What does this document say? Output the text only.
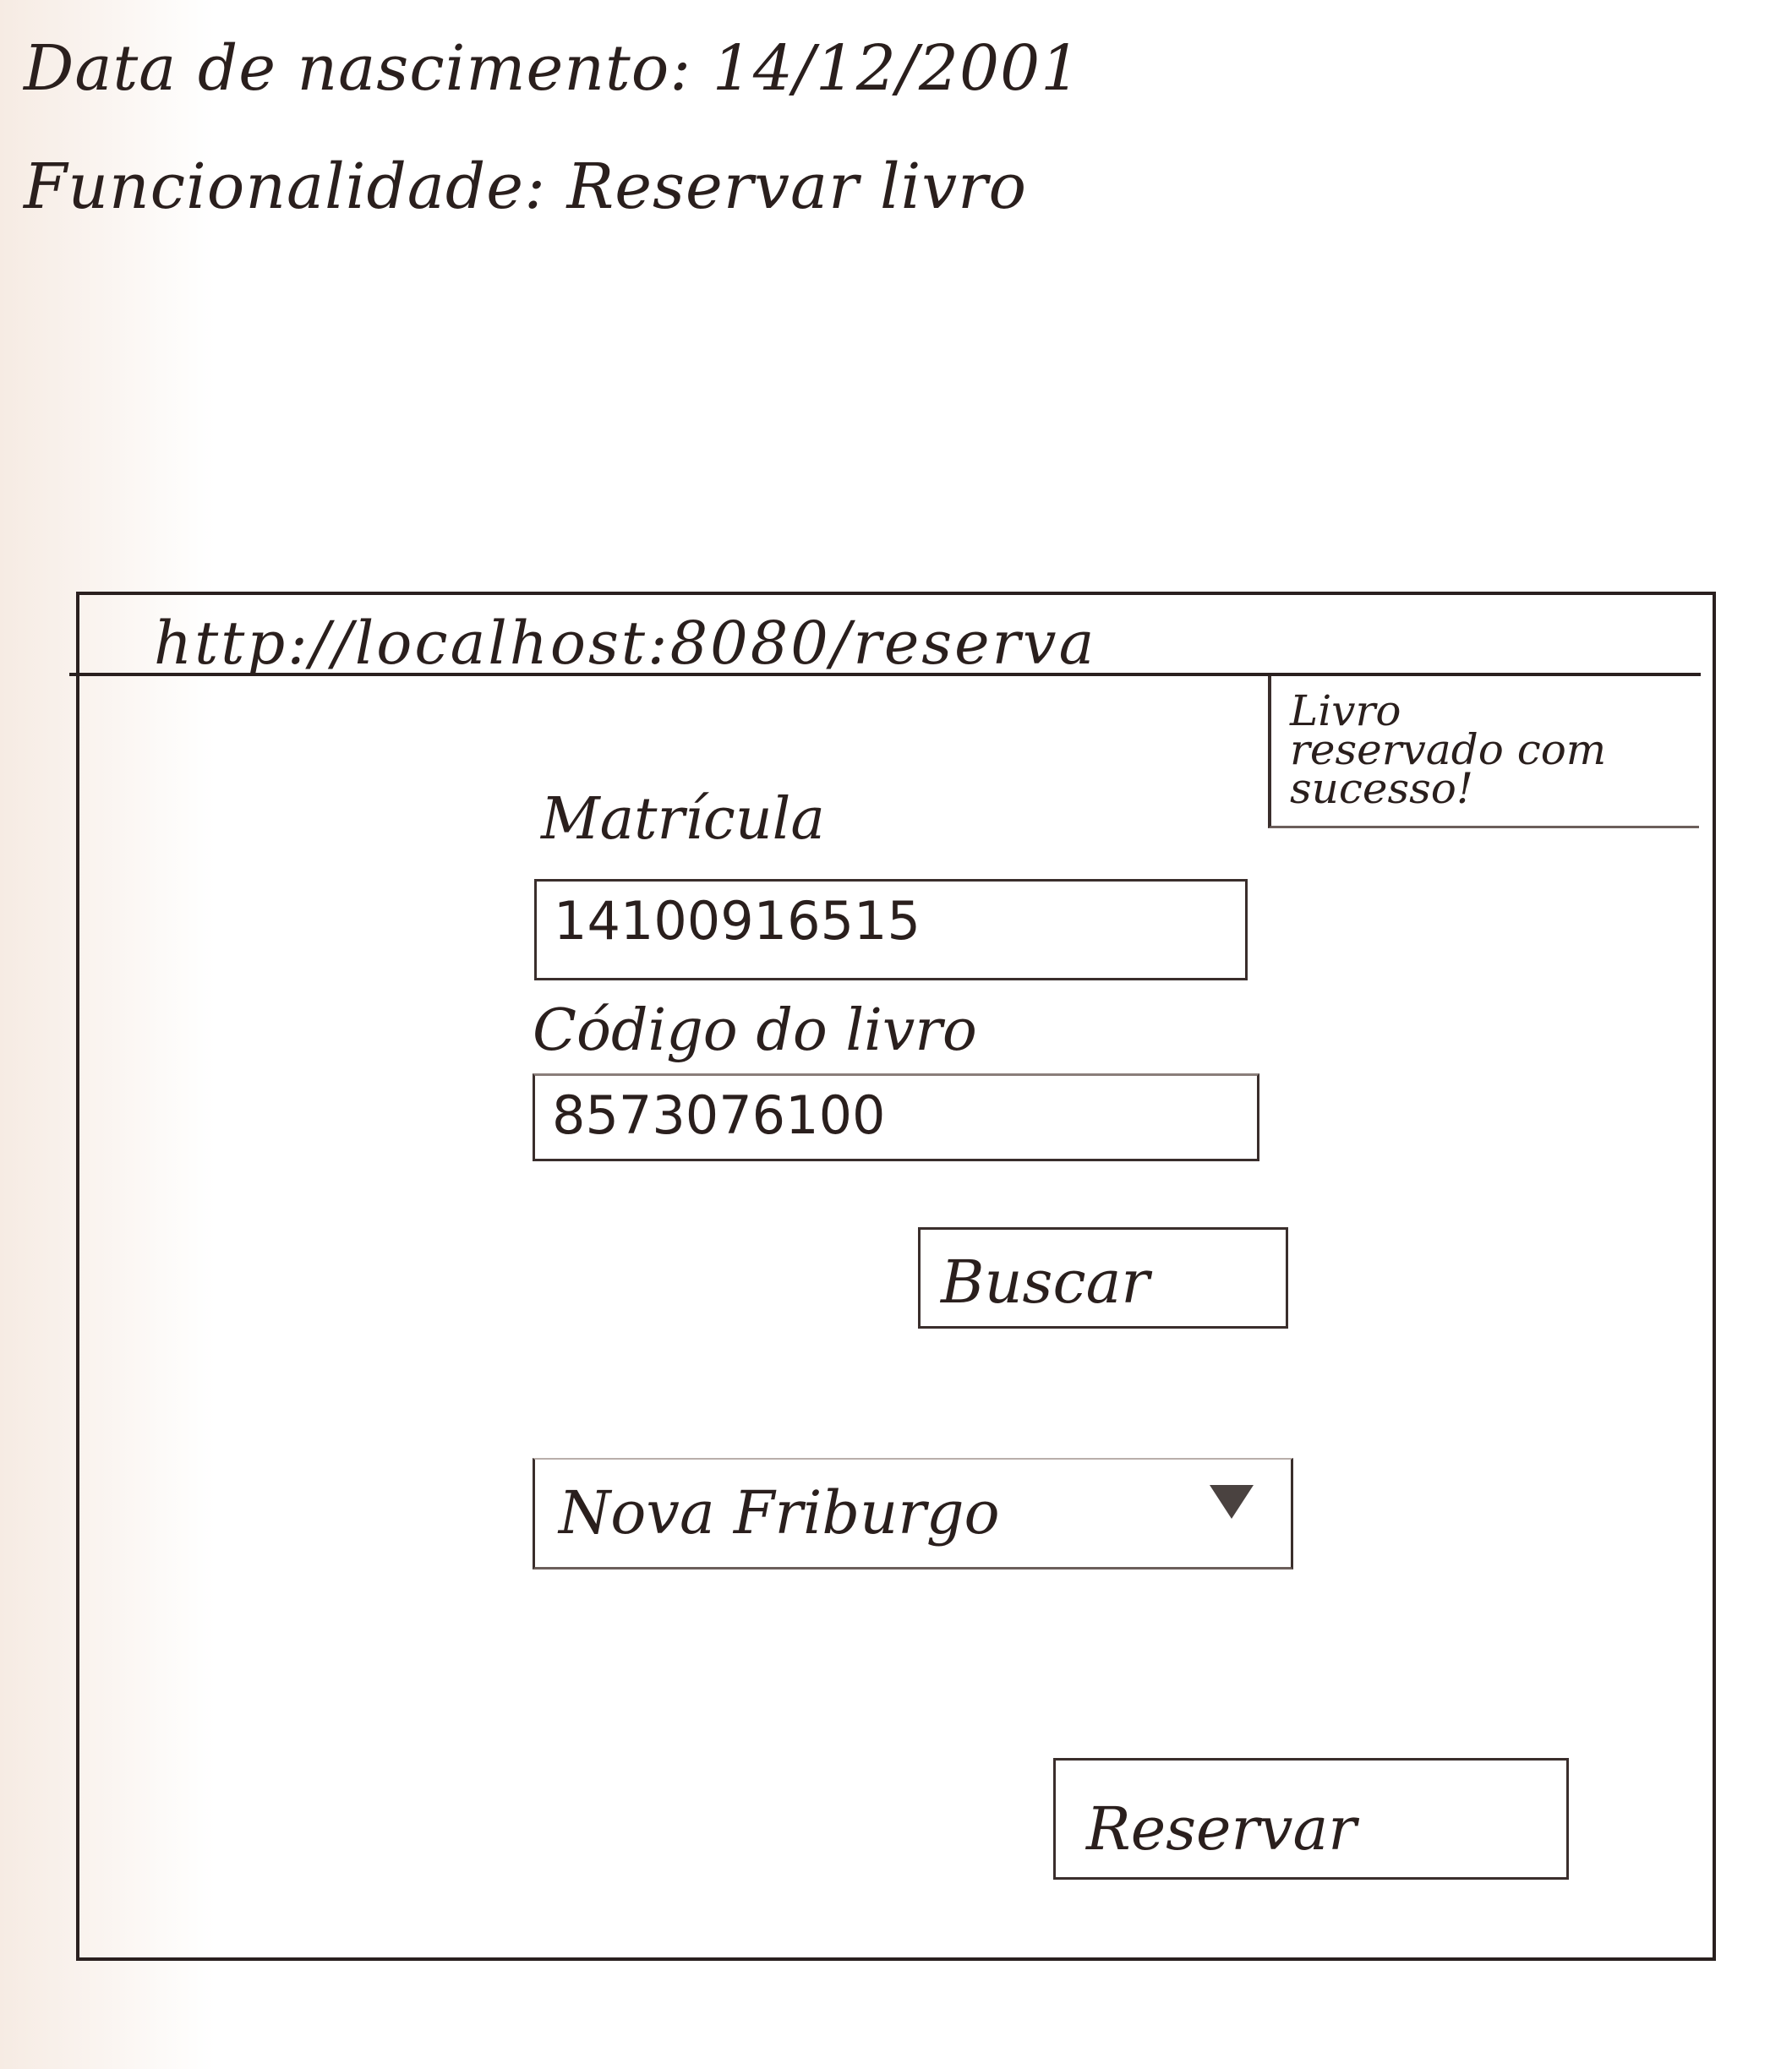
Data de nascimento: 14/12/2001
Funcionalidade: Reservar livro
http://localhost:8080/reserva
Livro
reservado com
sucesso!
Matrícula
14100916515
Código do livro
8573076100
Buscar
Nova Friburgo
Reservar
